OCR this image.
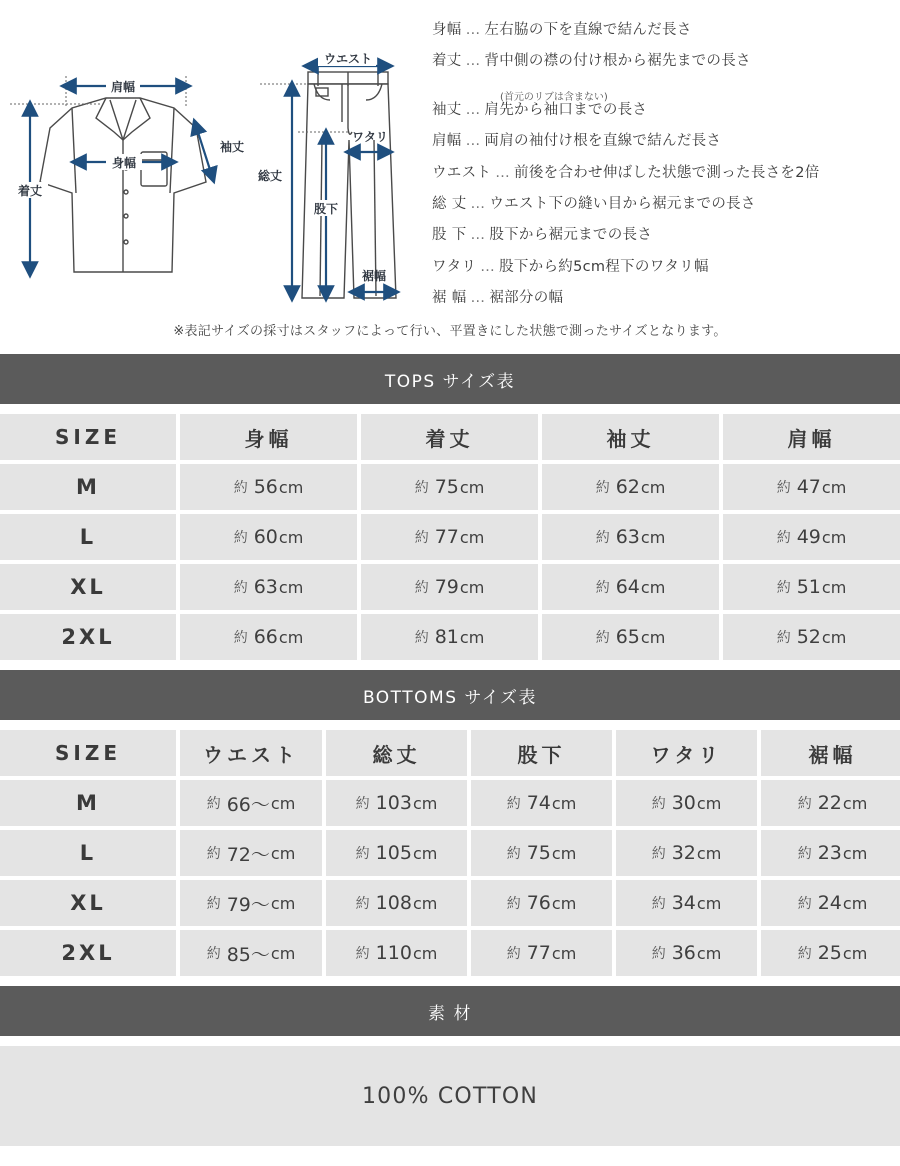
肩幅
身幅
袖丈
着丈
ウエスト
ワタリ
総丈
股下
裾幅
身幅 … 左右脇の下を直線で結んだ長さ
着丈 … 背中側の襟の付け根から裾先までの長さ
(首元のリブは含まない)
袖丈 … 肩先から袖口までの長さ
肩幅 … 両肩の袖付け根を直線で結んだ長さ
ウエスト … 前後を合わせ伸ばした状態で測った長さを2倍
総 丈 … ウエスト下の縫い目から裾元までの長さ
股 下 … 股下から裾元までの長さ
ワタリ … 股下から約5cm程下のワタリ幅
裾 幅 … 裾部分の幅
※表記サイズの採寸はスタッフによって行い、平置きにした状態で測ったサイズとなります。
TOPS サイズ表
SIZE	身幅	着丈	袖丈	肩幅
M	約 56 cm	約 75 cm	約 62 cm	約 47 cm
L	約 60 cm	約 77 cm	約 63 cm	約 49 cm
XL	約 63 cm	約 79 cm	約 64 cm	約 51 cm
2XL	約 66 cm	約 81 cm	約 65 cm	約 52 cm
BOTTOMS サイズ表
SIZE	ウエスト	総丈	股下	ワタリ	裾幅
M	約 66〜 cm	約 103 cm	約 74 cm	約 30 cm	約 22 cm
L	約 72〜 cm	約 105 cm	約 75 cm	約 32 cm	約 23 cm
XL	約 79〜 cm	約 108 cm	約 76 cm	約 34 cm	約 24 cm
2XL	約 85〜 cm	約 110 cm	約 77 cm	約 36 cm	約 25 cm
素 材
100% COTTON
